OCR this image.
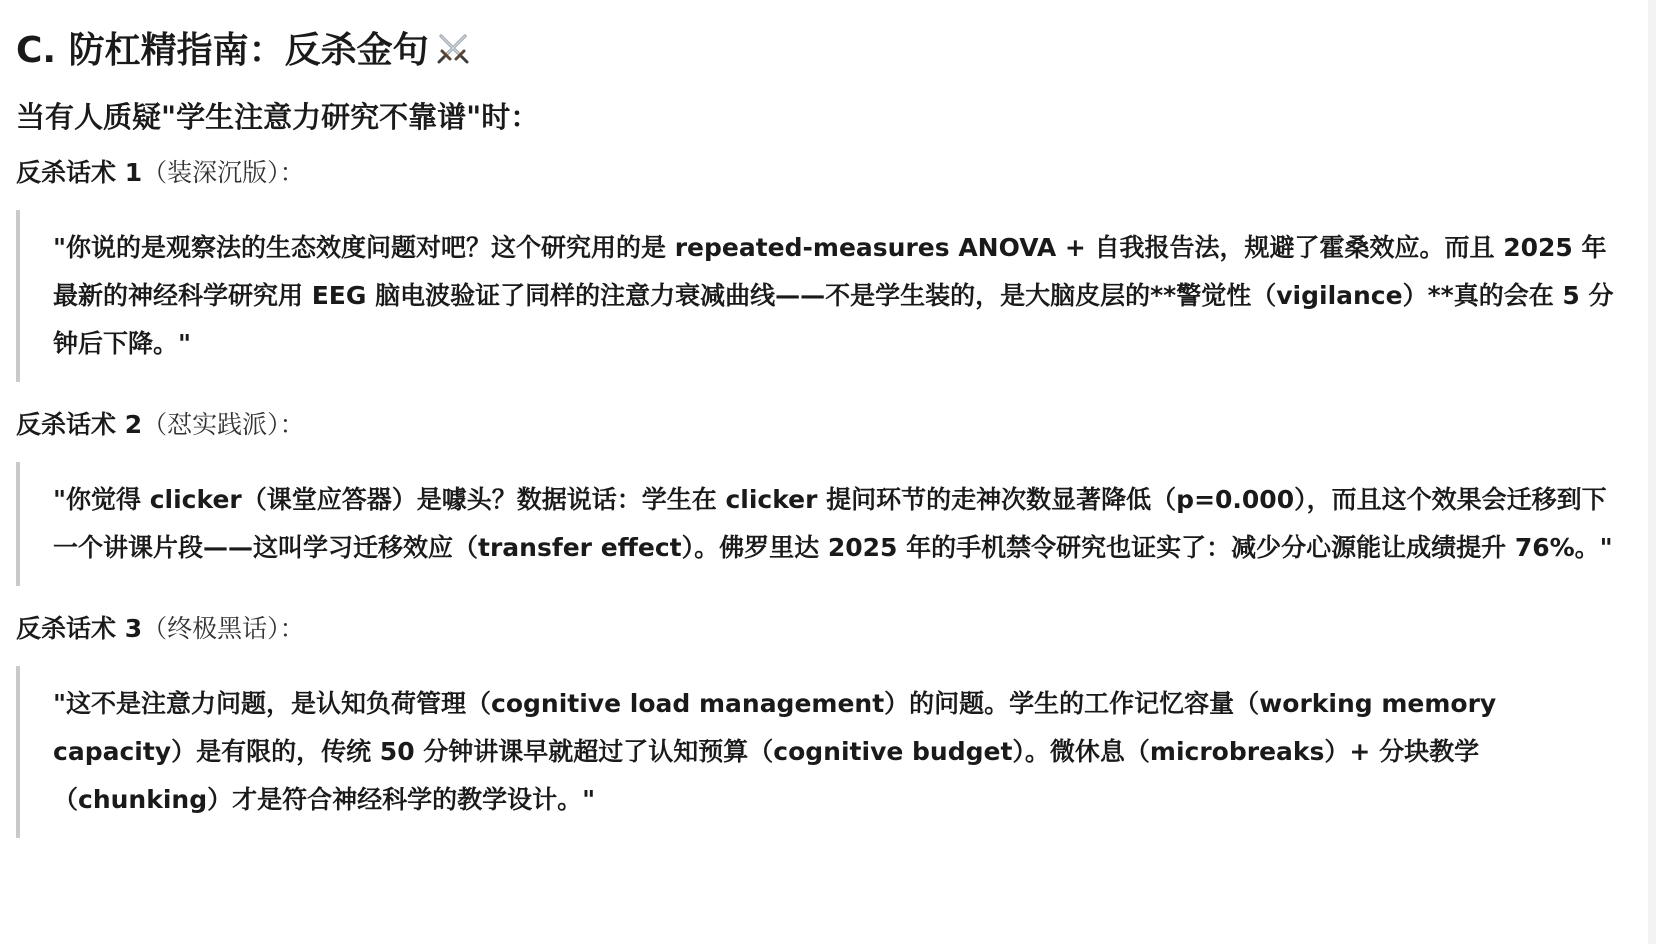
C. 防杠精指南：反杀金句
当有人质疑"学生注意力研究不靠谱"时：

反杀话术 1（装深沉版）：

"你说的是观察法的生态效度问题对吧？这个研究用的是 repeated-measures ANOVA + 自我报告法，规避了霍桑效应。而且 2025 年最新的神经科学研究用 EEG 脑电波验证了同样的注意力衰减曲线——不是学生装的，是大脑皮层的**警觉性（vigilance）**真的会在 5 分钟后下降。"

反杀话术 2（怼实践派）：

"你觉得 clicker（课堂应答器）是噱头？数据说话：学生在 clicker 提问环节的走神次数显著降低（p=0.000），而且这个效果会迁移到下一个讲课片段——这叫学习迁移效应（transfer effect）。佛罗里达 2025 年的手机禁令研究也证实了：减少分心源能让成绩提升 76%。"

反杀话术 3（终极黑话）：

"这不是注意力问题，是认知负荷管理（cognitive load management）的问题。学生的工作记忆容量（working memory capacity）是有限的，传统 50 分钟讲课早就超过了认知预算（cognitive budget）。微休息（microbreaks）+ 分块教学（chunking）才是符合神经科学的教学设计。"
